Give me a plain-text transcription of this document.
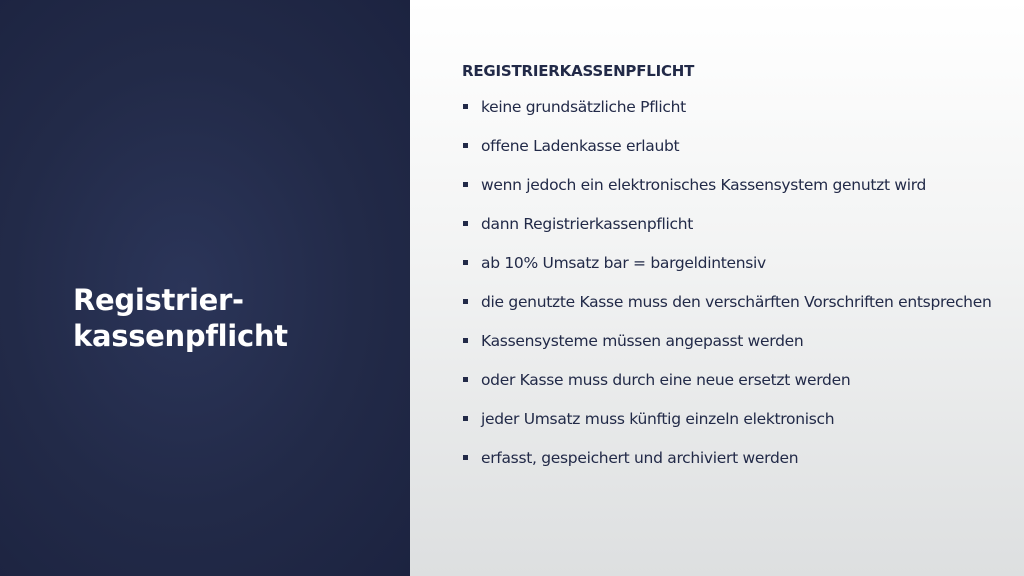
Registrier-
kassenpflicht
REGISTRIERKASSENPFLICHT
keine grundsätzliche Pflicht
offene Ladenkasse erlaubt
wenn jedoch ein elektronisches Kassensystem genutzt wird
dann Registrierkassenpflicht
ab 10% Umsatz bar = bargeldintensiv
die genutzte Kasse muss den verschärften Vorschriften entsprechen
Kassensysteme müssen angepasst werden
oder Kasse muss durch eine neue ersetzt werden
jeder Umsatz muss künftig einzeln elektronisch
erfasst, gespeichert und archiviert werden
